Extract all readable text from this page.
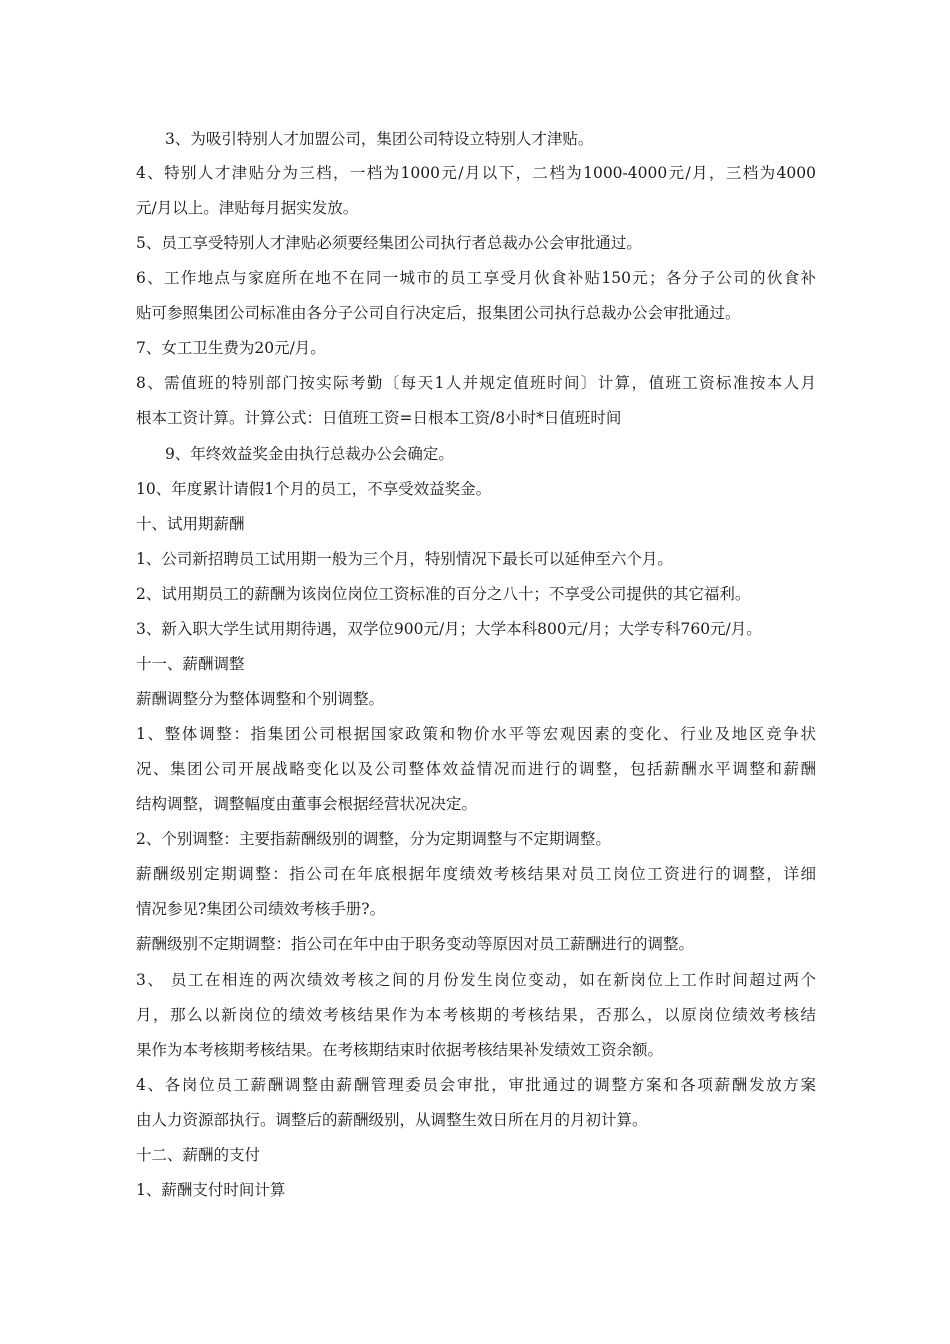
3、为吸引特别人才加盟公司，集团公司特设立特别人才津贴。
4、特别人才津贴分为三档，一档为1000元/月以下，二档为1000-4000元/月，三档为4000
元/月以上。津贴每月据实发放。
5、员工享受特别人才津贴必须要经集团公司执行者总裁办公会审批通过。
6、工作地点与家庭所在地不在同一城市的员工享受月伙食补贴150元；各分子公司的伙食补
贴可参照集团公司标准由各分子公司自行决定后，报集团公司执行总裁办公会审批通过。
7、女工卫生费为20元/月。
8、需值班的特别部门按实际考勤〔每天1人并规定值班时间〕计算，值班工资标准按本人月
根本工资计算。计算公式：日值班工资=日根本工资/8小时*日值班时间
9、年终效益奖金由执行总裁办公会确定。
10、年度累计请假1个月的员工，不享受效益奖金。
十、试用期薪酬
1、公司新招聘员工试用期一般为三个月，特别情况下最长可以延伸至六个月。
2、试用期员工的薪酬为该岗位岗位工资标准的百分之八十；不享受公司提供的其它福利。
3、新入职大学生试用期待遇，双学位900元/月；大学本科800元/月；大学专科760元/月。
十一、薪酬调整
薪酬调整分为整体调整和个别调整。
1、整体调整：指集团公司根据国家政策和物价水平等宏观因素的变化、行业及地区竞争状
况、集团公司开展战略变化以及公司整体效益情况而进行的调整，包括薪酬水平调整和薪酬
结构调整，调整幅度由董事会根据经营状况决定。
2、个别调整：主要指薪酬级别的调整，分为定期调整与不定期调整。
薪酬级别定期调整：指公司在年底根据年度绩效考核结果对员工岗位工资进行的调整，详细
情况参见?集团公司绩效考核手册?。
薪酬级别不定期调整：指公司在年中由于职务变动等原因对员工薪酬进行的调整。
3、 员工在相连的两次绩效考核之间的月份发生岗位变动，如在新岗位上工作时间超过两个
月，那么以新岗位的绩效考核结果作为本考核期的考核结果，否那么，以原岗位绩效考核结
果作为本考核期考核结果。在考核期结束时依据考核结果补发绩效工资余额。
4、各岗位员工薪酬调整由薪酬管理委员会审批，审批通过的调整方案和各项薪酬发放方案
由人力资源部执行。调整后的薪酬级别，从调整生效日所在月的月初计算。
十二、薪酬的支付
1、薪酬支付时间计算
